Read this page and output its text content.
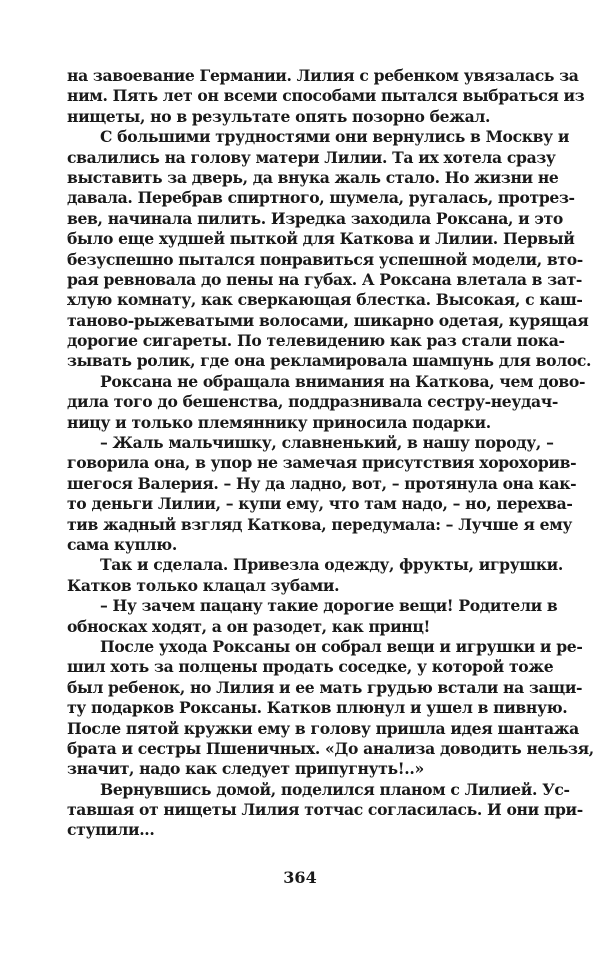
на завоевание Германии. Лилия с ребенком увязалась за
ним. Пять лет он всеми способами пытался выбраться из
нищеты, но в результате опять позорно бежал.
С большими трудностями они вернулись в Москву и
свалились на голову матери Лилии. Та их хотела сразу
выставить за дверь, да внука жаль стало. Но жизни не
давала. Перебрав спиртного, шумела, ругалась, протрез-
вев, начинала пилить. Изредка заходила Роксана, и это
было еще худшей пыткой для Каткова и Лилии. Первый
безуспешно пытался понравиться успешной модели, вто-
рая ревновала до пены на губах. А Роксана влетала в зат-
хлую комнату, как сверкающая блестка. Высокая, с каш-
таново-рыжеватыми волосами, шикарно одетая, курящая
дорогие сигареты. По телевидению как раз стали пока-
зывать ролик, где она рекламировала шампунь для волос.
Роксана не обращала внимания на Каткова, чем дово-
дила того до бешенства, поддразнивала сестру-неудач-
ницу и только племяннику приносила подарки.
– Жаль мальчишку, славненький, в нашу породу, –
говорила она, в упор не замечая присутствия хорохорив-
шегося Валерия. – Ну да ладно, вот, – протянула она как-
то деньги Лилии, – купи ему, что там надо, – но, перехва-
тив жадный взгляд Каткова, передумала: – Лучше я ему
сама куплю.
Так и сделала. Привезла одежду, фрукты, игрушки.
Катков только клацал зубами.
– Ну зачем пацану такие дорогие вещи! Родители в
обносках ходят, а он разодет, как принц!
После ухода Роксаны он собрал вещи и игрушки и ре-
шил хоть за полцены продать соседке, у которой тоже
был ребенок, но Лилия и ее мать грудью встали на защи-
ту подарков Роксаны. Катков плюнул и ушел в пивную.
После пятой кружки ему в голову пришла идея шантажа
брата и сестры Пшеничных. «До анализа доводить нельзя,
значит, надо как следует припугнуть!..»
Вернувшись домой, поделился планом с Лилией. Ус-
тавшая от нищеты Лилия тотчас согласилась. И они при-
ступили...
364
